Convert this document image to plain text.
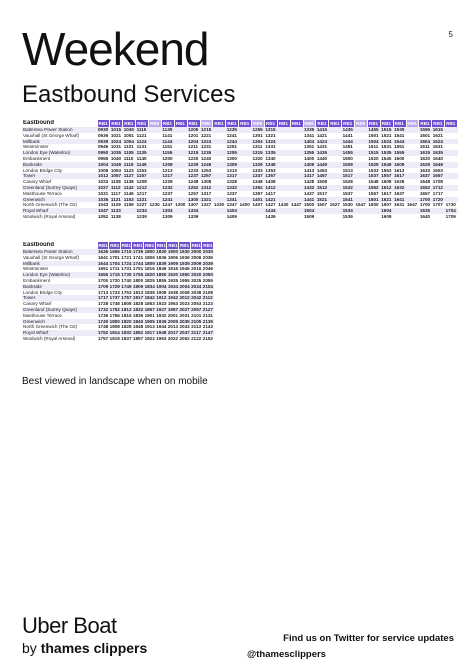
Weekend	5
Eastbound Services
Eastbound	RB1	RB1	RB1	RB1	RB6	RB1	RB1	RB1	RB6	RB1	RB1	RB1	RB6	RB1	RB1	RB1	RB6	RB1	RB1	RB1	RB6	RB1	RB1	RB1	RB6	RB1	RB1	RB1
Battersea Power Station	0930	1015	1045	1115		1135		1205	1215		1235		1255	1315			1335	1415		1435		1455	1515	1535		1555	1615	
Vauxhall (St George Wharf)	0936	1021	1051	1121		1141		1201	1221		1241		1301	1321			1341	1421		1441		1501	1521	1541		1601	1621	
Millbank	0939	1024	1054	1124		1144		1204	1224		1244		1304	1324			1404	1424		1444		1504	1524	1544		1604	1624	
Westminster	0946	1031	1101	1131		1151		1211	1231		1251		1311	1331			1351	1431		1451		1511	1531	1551		1611	1631	
London Eye (Waterloo)	0950	1035	1105	1135		1155		1215	1235		1255		1315	1335			1355	1435		1455		1515	1535	1555		1615	1635	
Embankment	0955	1040	1110	1140		1200		1220	1240		1300		1320	1340			1400	1440		1500		1520	1540	1600		1620	1640	
Bankside	1004	1049	1119	1149		1209		1229	1249		1309		1329	1349			1409	1449		1509		1529	1549	1609		1629	1649	
London Bridge City	1008	1053	1123	1153		1213		1233	1253		1313		1333	1353			1413	1453		1513		1533	1553	1613		1633	1653	
Tower	1012	1057	1127	1157		1217		1237	1257		1317		1337	1357			1417	1457		1517		1537	1557	1617		1637	1657	
Canary Wharf	1023	1108	1138	1208		1228		1248	1308		1328		1348	1408			1428	1508		1528		1548	1608	1628		1648	1708	
Greenland (Surrey Quays)	1027	1112	1142	1212		1232		1252	1312		1332		1352	1412			1432	1512		1532		1552	1612	1632		1652	1712	
Masthouse Terrace	1031	1117	1146	1217		1237		1257	1317		1337		1357	1417			1437	1517		1537		1557	1617	1637		1657	1717	
Greenwich	1035	1121	1153	1221		1241		1300	1321		1341		1401	1421			1441	1521		1541		1601	1621	1641		1700	1720	
North Greenwich (The O2)	1043	1129	1159	1227	1230	1247	1300	1307	1327	1330	1347	1400	1407	1427	1430	1447	1500	1507	1527	1530	1547	1600	1607	1631	1647	1700	1707	1730
Royal Wharf	1047	1133		1234		1304		1334			1404			1434			1504			1534			1604			1635		1704
Woolwich (Royal Arsenal)	1052	1138		1239		1309		1339			1409			1439			1509			1539			1609			1640		1709
Eastbound	RB1	RB1	RB1	RB1	RB1	RB1	RB1	RB1	RB1	RB1
Battersea Power Station	1635	1655	1715	1735	1800	1830	1900	1930	2000	2030
Vauxhall (St George Wharf)	1641	1701	1721	1741	1806	1836	1906	1936	2006	2036
Millbank	1644	1704	1724	1744	1809	1839	1909	1939	2009	2039
Westminster	1651	1711	1731	1751	1816	1846	1916	1946	2016	2046
London Eye (Waterloo)	1655	1715	1735	1755	1820	1850	1920	1950	2020	2050
Embankment	1700	1720	1740	1800	1825	1855	1925	1955	2025	2055
Bankside	1709	1729	1749	1809	1834	1904	1934	2004	2034	2104
London Bridge City	1713	1733	1753	1813	1838	1908	1938	2008	2038	2108
Tower	1717	1737	1757	1817	1842	1912	1942	2012	2042	2112
Canary Wharf	1728	1748	1808	1828	1853	1923	1953	2023	2053	2123
Greenland (Surrey Quays)	1732	1752	1812	1832	1857	1927	1957	2027	2057	2127
Masthouse Terrace	1736	1756	1816	1836	1901	1932	2001	2031	2101	2131
Greenwich	1740	1800	1820	1840	1905	1935	2005	2035	2105	2135
North Greenwich (The O2)	1748	1808	1828	1848	1913	1944	2013	2043	2113	2143
Royal Wharf	1752	1814	1832	1852	1917	1948	2017	2047	2117	2147
Woolwich (Royal Arsenal)	1757	1819	1837	1857	1922	1953	2022	2052	2122	2152

Best viewed in landscape when on mobile

Uber Boat
by thames clippers
Find us on Twitter for service updates
@thamesclippers
